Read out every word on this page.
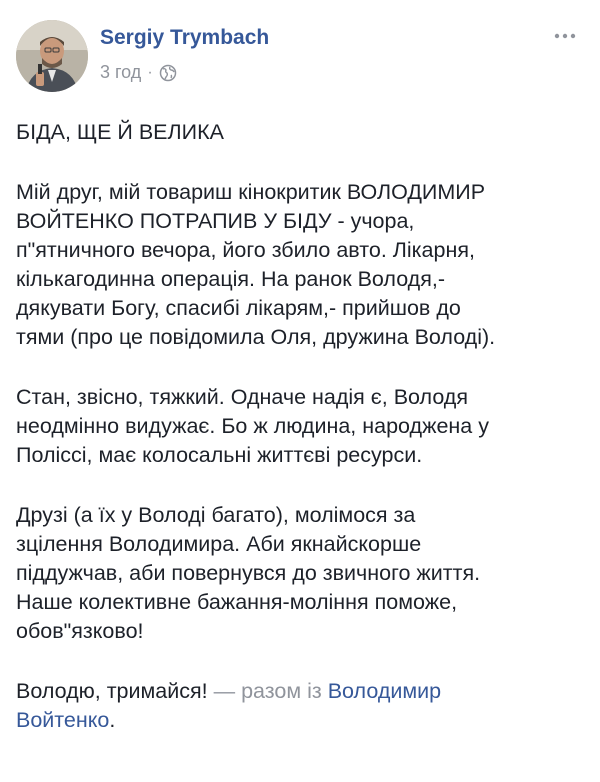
Sergiy Trymbach
3 год ·

БІДА, ЩЕ Й ВЕЛИКА

Мій друг, мій товариш кінокритик ВОЛОДИМИР
ВОЙТЕНКО ПОТРАПИВ У БІДУ - учора,
п"ятничного вечора, його збило авто. Лікарня,
кількагодинна операція. На ранок Володя,-
дякувати Богу, спасибі лікарям,- прийшов до
тями (про це повідомила Оля, дружина Володі).

Стан, звісно, тяжкий. Одначе надія є, Володя
неодмінно видужає. Бо ж людина, народжена у
Поліссі, має колосальні життєві ресурси.

Друзі (а їх у Володі багато), молімося за
зцілення Володимира. Аби якнайскорше
піддужчав, аби повернувся до звичного життя.
Наше колективне бажання-моління поможе,
обов"язково!

Володю, тримайся! — разом із Володимир
Войтенко.
